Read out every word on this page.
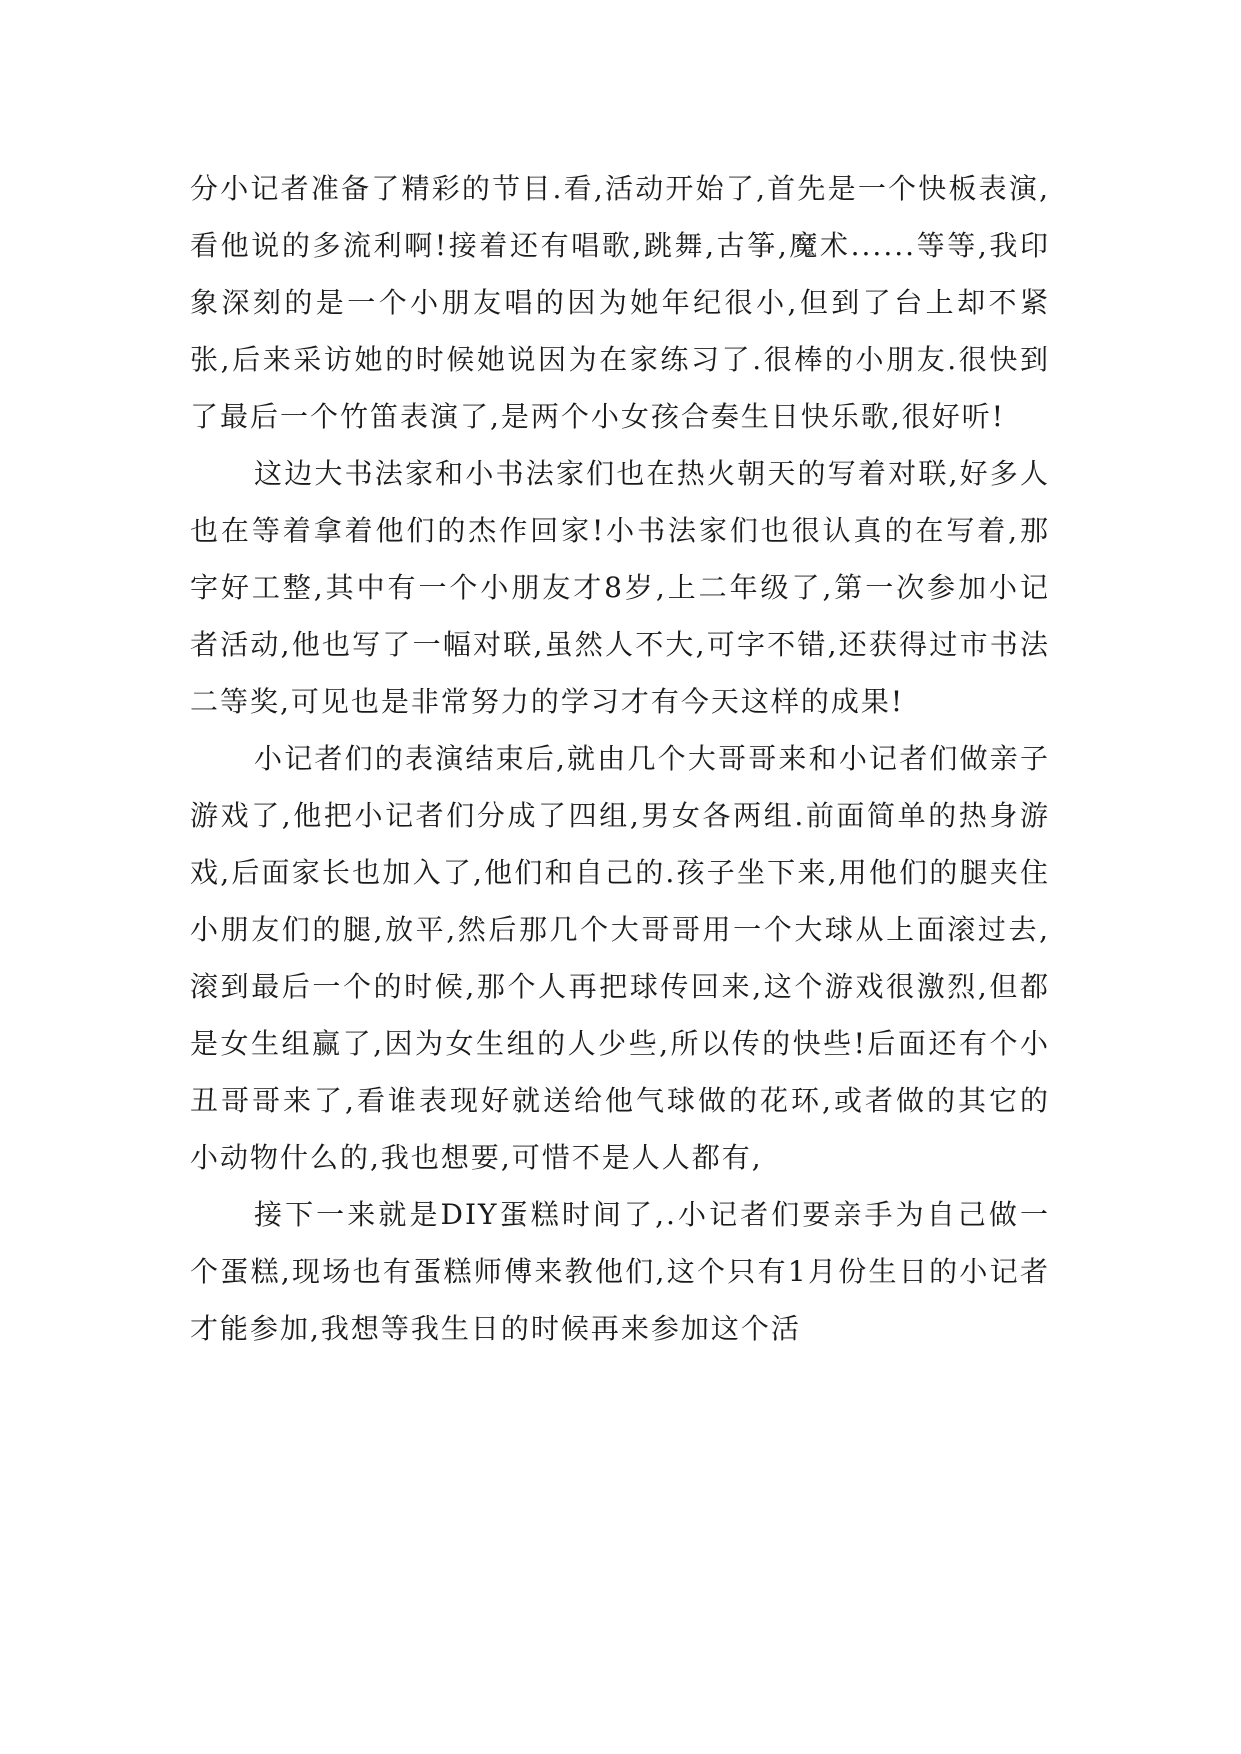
分小记者准备了精彩的节目.看,活动开始了,首先是一个快板表演,看他说的多流利啊!接着还有唱歌,跳舞,古筝,魔术......等等,我印象深刻的是一个小朋友唱的因为她年纪很小,但到了台上却不紧张,后来采访她的时候她说因为在家练习了.很棒的小朋友.很快到了最后一个竹笛表演了,是两个小女孩合奏生日快乐歌,很好听!

这边大书法家和小书法家们也在热火朝天的写着对联,好多人也在等着拿着他们的杰作回家!小书法家们也很认真的在写着,那字好工整,其中有一个小朋友才8岁,上二年级了,第一次参加小记者活动,他也写了一幅对联,虽然人不大,可字不错,还获得过市书法二等奖,可见也是非常努力的学习才有今天这样的成果!

小记者们的表演结束后,就由几个大哥哥来和小记者们做亲子游戏了,他把小记者们分成了四组,男女各两组.前面简单的热身游戏,后面家长也加入了,他们和自己的.孩子坐下来,用他们的腿夹住小朋友们的腿,放平,然后那几个大哥哥用一个大球从上面滚过去,滚到最后一个的时候,那个人再把球传回来,这个游戏很激烈,但都是女生组赢了,因为女生组的人少些,所以传的快些!后面还有个小丑哥哥来了,看谁表现好就送给他气球做的花环,或者做的其它的小动物什么的,我也想要,可惜不是人人都有,

接下一来就是DIY蛋糕时间了,.小记者们要亲手为自己做一个蛋糕,现场也有蛋糕师傅来教他们,这个只有1月份生日的小记者才能参加,我想等我生日的时候再来参加这个活
